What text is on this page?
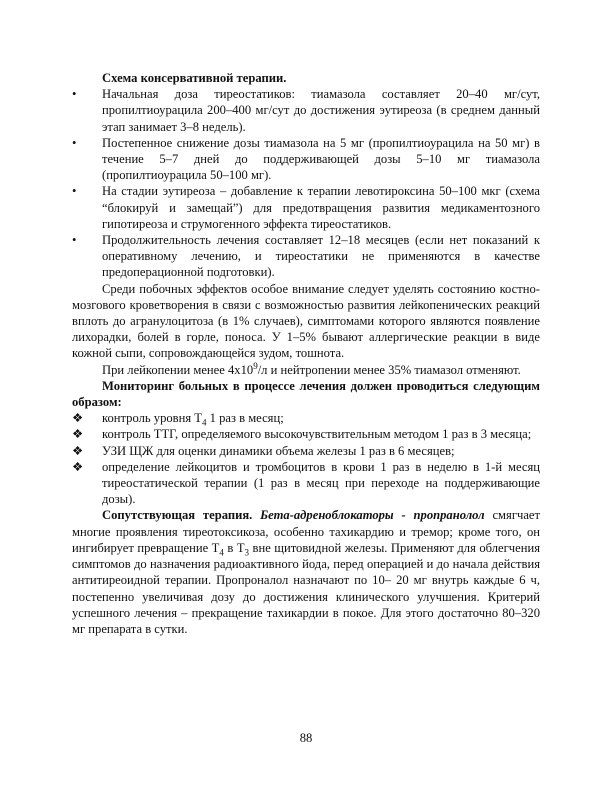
Схема консервативной терапии.

•	Начальная доза тиреостатиков: тиамазола составляет 20–40 мг/сут, пропилтиоурацила 200–400 мг/сут до достижения эутиреоза (в среднем данный этап занимает 3–8 недель).
•	Постепенное снижение дозы тиамазола на 5 мг (пропилтиоурацила на 50 мг) в течение 5–7 дней до поддерживающей дозы 5–10 мг тиамазола (пропилтиоурацила 50–100 мг).
•	На стадии эутиреоза – добавление к терапии левотироксина 50–100 мкг (схема “блокируй и замещай”) для предотвращения развития медикаментозного гипотиреоза и струмогенного эффекта тиреостатиков.
•	Продолжительность лечения составляет 12–18 месяцев (если нет показаний к оперативному лечению, и тиреостатики не применяются в качестве предоперационной подготовки).

Среди побочных эффектов особое внимание следует уделять состоянию костно-мозгового кроветворения в связи с возможностью развития лейкопенических реакций вплоть до агранулоцитоза (в 1% случаев), симптомами которого являются появление лихорадки, болей в горле, поноса. У 1–5% бывают аллергические реакции в виде кожной сыпи, сопровождающейся зудом, тошнота.

При лейкопении менее $4х10^9/л$ и нейтропении менее 35% тиамазол отменяют.

Мониторинг больных в процессе лечения должен проводиться следующим образом:

❖ контроль уровня $Т_4$ 1 раз в месяц;
❖ контроль ТТГ, определяемого высокочувствительным методом 1 раз в 3 месяца;
❖ УЗИ ЩЖ для оценки динамики объема железы 1 раз в 6 месяцев;
❖ определение лейкоцитов и тромбоцитов в крови 1 раз в неделю в 1-й месяц тиреостатической терапии (1 раз в месяц при переходе на поддерживающие дозы).

Сопутствующая терапия. Бета-адреноблокаторы - пропранолол смягчает многие проявления тиреотоксикоза, особенно тахикардию и тремор; кроме того, он ингибирует превращение $Т_4$ в $Т_3$ вне щитовидной железы. Применяют для облегчения симптомов до назначения радиоактивного йода, перед операцией и до начала действия антитиреоидной терапии. Пропроналол назначают по 10– 20 мг внутрь каждые 6 ч, постепенно увеличивая дозу до достижения клинического улучшения. Критерий успешного лечения – прекращение тахикардии в покое. Для этого достаточно 80–320 мг препарата в сутки.

88
